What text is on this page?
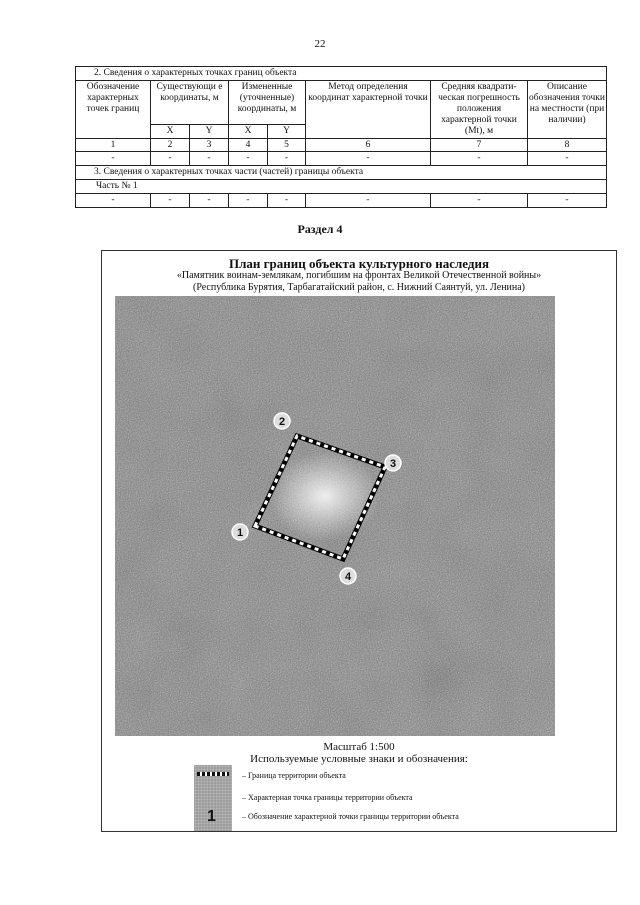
22
2. Сведения о характерных точках границ объекта							
Обозначение характерных точек границ	Существующи е координаты, м		Измененные (уточненные) координаты, м		Метод определения координат характерной точки	Средняя квадрати-ческая погрешность положения характерной точки (Mt), м	Описание обозначения точки на местности (при наличии)
	X	Y	X	Y			
1	2	3	4	5	6	7	8
-	-	-	-	-	-	-	-
3. Сведения о характерных точках части (частей) границы объекта							
Часть № 1							
-	-	-	-	-	-	-	-
Раздел 4
План границ объекта культурного наследия
«Памятник воинам-землякам, погибшим на фронтах Великой Отечественной войны»
(Республика Бурятия, Тарбагатайский район, с. Нижний Саянтуй, ул. Ленина)
1
2
3
4
Масштаб 1:500
Используемые условные знаки и обозначения:
1
– Граница территории объекта
– Характерная точка границы территории объекта
– Обозначение характерной точки границы территории объекта
